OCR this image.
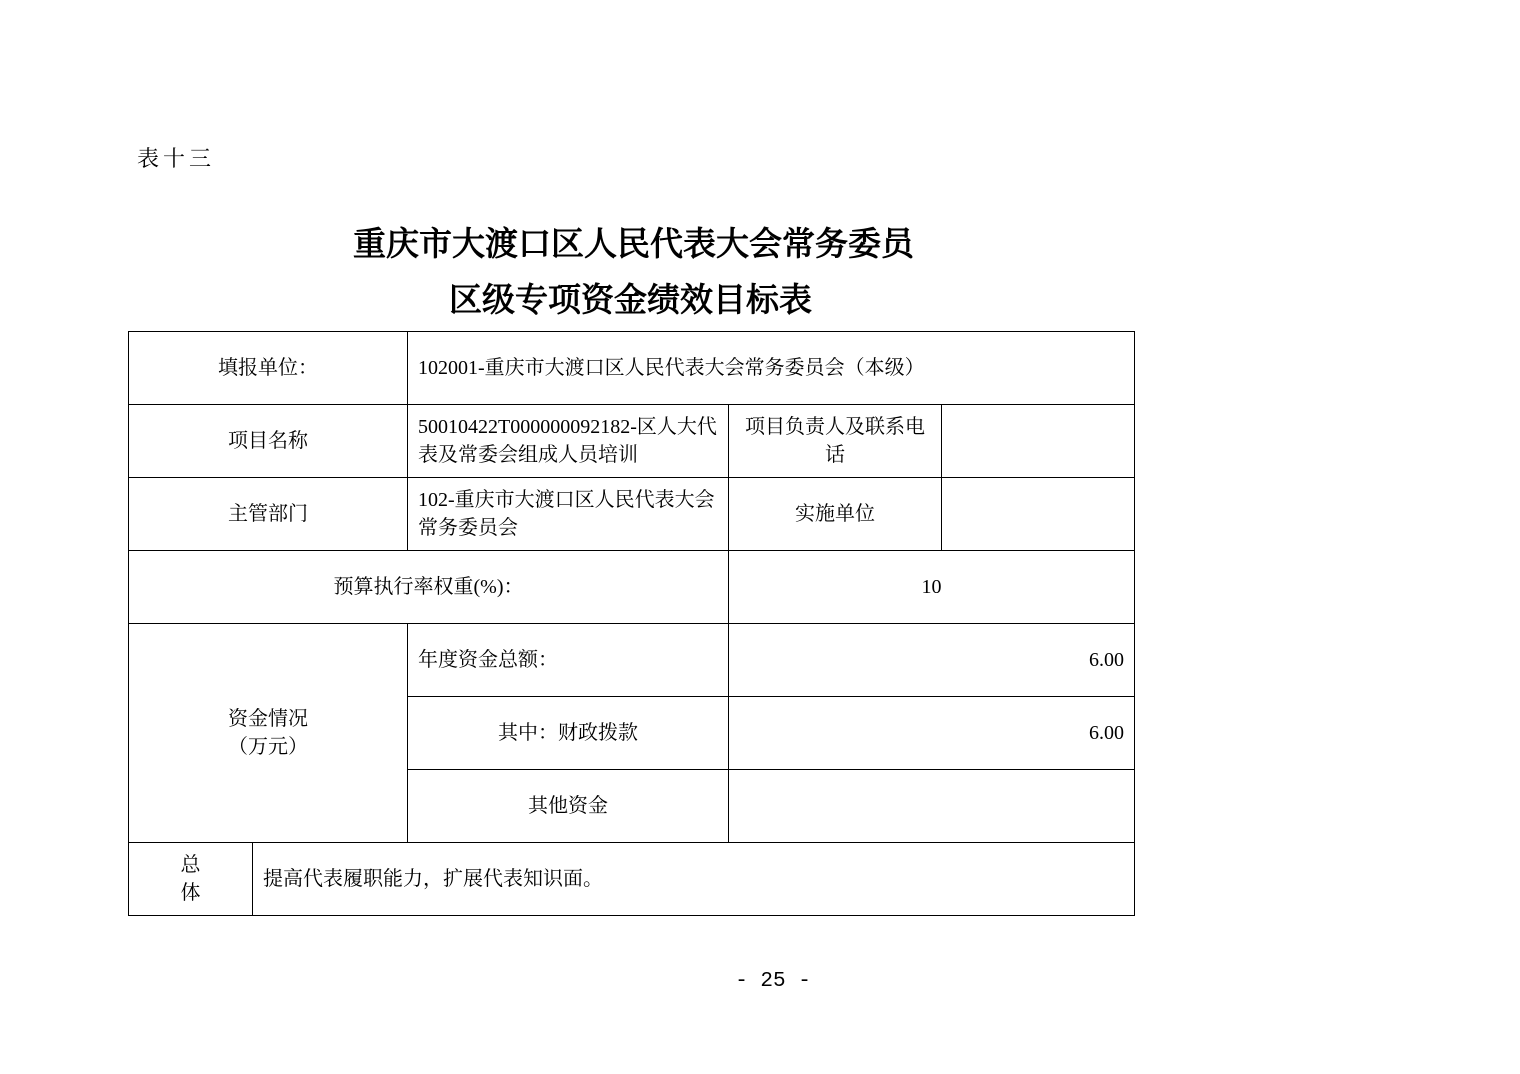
表十三
重庆市大渡口区人民代表大会常务委员
区级专项资金绩效目标表
填报单位：		102001-重庆市大渡口区人民代表大会常务委员会（本级）		
项目名称		50010422T000000092182-区人大代表及常委会组成人员培训	项目负责人及联系电话	
主管部门		102-重庆市大渡口区人民代表大会常务委员会	实施单位	
预算执行率权重(%)：			10	

资金情况（万元）		年度资金总额：	6.00	
		其中：财政拨款	6.00	
		其他资金		

总体	提高代表履职能力，扩展代表知识面。			
- 25 -
